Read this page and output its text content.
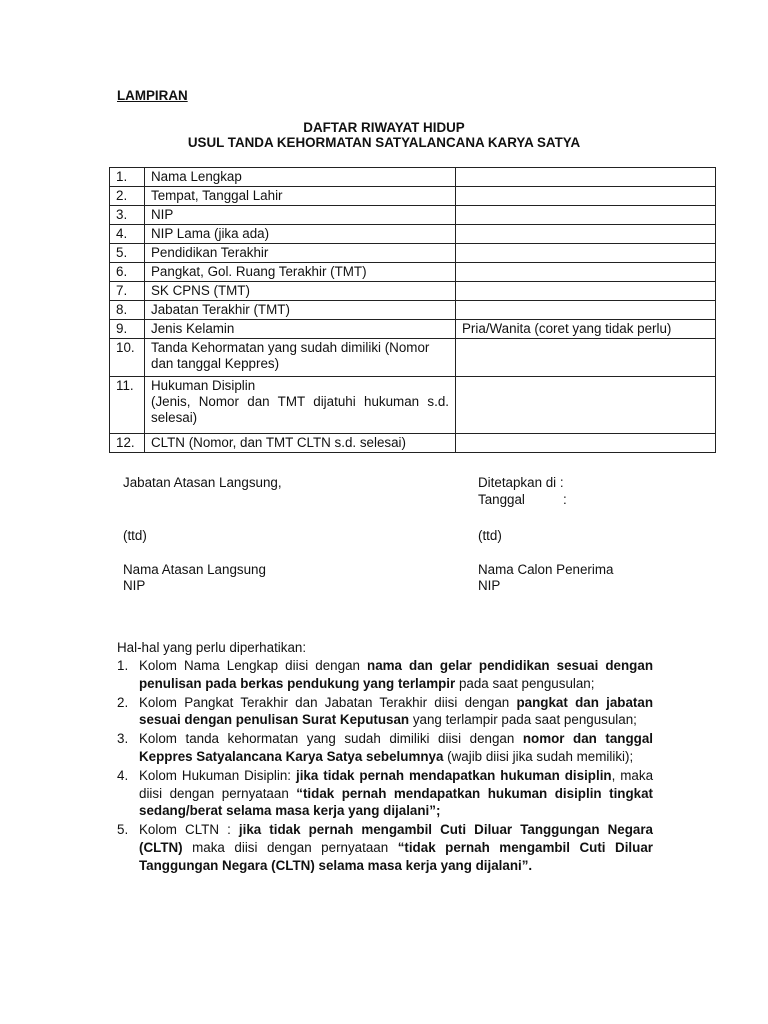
LAMPIRAN
DAFTAR RIWAYAT HIDUP
USUL TANDA KEHORMATAN SATYALANCANA KARYA SATYA
1.	Nama Lengkap	
2.	Tempat, Tanggal Lahir	
3.	NIP	
4.	NIP Lama (jika ada)	
5.	Pendidikan Terakhir	
6.	Pangkat, Gol. Ruang Terakhir (TMT)	
7.	SK CPNS (TMT)	
8.	Jabatan Terakhir (TMT)	
9.	Jenis Kelamin	Pria/Wanita (coret yang tidak perlu)
10.	Tanda Kehormatan yang sudah dimiliki (Nomor dan tanggal Keppres)	
11.	Hukuman Disiplin
(Jenis, Nomor dan TMT dijatuhi hukuman s.d. selesai)	

12.	CLTN (Nomor, dan TMT CLTN s.d. selesai)	
Jabatan Atasan Langsung,
(ttd)
Nama Atasan Langsung
NIP
Ditetapkan di :
Tanggal	:
(ttd)
Nama Calon Penerima
NIP
Hal-hal yang perlu diperhatikan:
1. Kolom Nama Lengkap diisi dengan nama dan gelar pendidikan sesuai dengan penulisan pada berkas pendukung yang terlampir pada saat pengusulan;
2. Kolom Pangkat Terakhir dan Jabatan Terakhir diisi dengan pangkat dan jabatan sesuai dengan penulisan Surat Keputusan yang terlampir pada saat pengusulan;
3. Kolom tanda kehormatan yang sudah dimiliki diisi dengan nomor dan tanggal Keppres Satyalancana Karya Satya sebelumnya (wajib diisi jika sudah memiliki);
4. Kolom Hukuman Disiplin: jika tidak pernah mendapatkan hukuman disiplin, maka diisi dengan pernyataan “tidak pernah mendapatkan hukuman disiplin tingkat sedang/berat selama masa kerja yang dijalani”;
5. Kolom CLTN : jika tidak pernah mengambil Cuti Diluar Tanggungan Negara (CLTN) maka diisi dengan pernyataan “tidak pernah mengambil Cuti Diluar Tanggungan Negara (CLTN) selama masa kerja yang dijalani”.
